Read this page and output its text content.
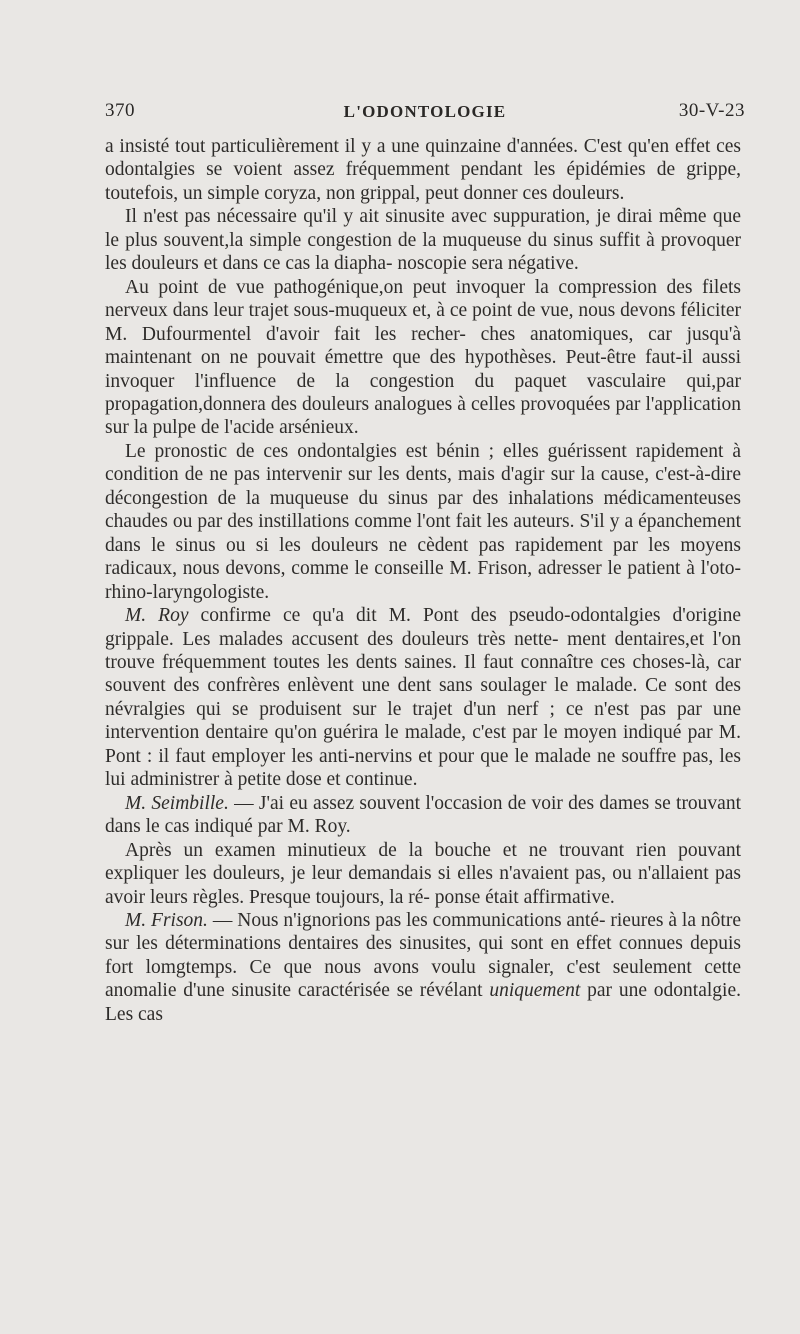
370	L'ODONTOLOGIE	30-V-23

a insisté tout particulièrement il y a une quinzaine d'années. C'est qu'en effet ces odontalgies se voient assez fréquemment pendant les épidémies de grippe, toutefois, un simple coryza, non grippal, peut donner ces douleurs.

Il n'est pas nécessaire qu'il y ait sinusite avec suppuration, je dirai même que le plus souvent,la simple congestion de la muqueuse du sinus suffit à provoquer les douleurs et dans ce cas la diapha- noscopie sera négative.

Au point de vue pathogénique,on peut invoquer la compression des filets nerveux dans leur trajet sous-muqueux et, à ce point de vue, nous devons féliciter M. Dufourmentel d'avoir fait les recher- ches anatomiques, car jusqu'à maintenant on ne pouvait émettre que des hypothèses. Peut-être faut-il aussi invoquer l'influence de la congestion du paquet vasculaire qui,par propagation,donnera des douleurs analogues à celles provoquées par l'application sur la pulpe de l'acide arsénieux.

Le pronostic de ces ondontalgies est bénin ; elles guérissent rapidement à condition de ne pas intervenir sur les dents, mais d'agir sur la cause, c'est-à-dire décongestion de la muqueuse du sinus par des inhalations médicamenteuses chaudes ou par des instillations comme l'ont fait les auteurs. S'il y a épanchement dans le sinus ou si les douleurs ne cèdent pas rapidement par les moyens radicaux, nous devons, comme le conseille M. Frison, adresser le patient à l'oto-rhino-laryngologiste.

M. Roy confirme ce qu'a dit M. Pont des pseudo-odontalgies d'origine grippale. Les malades accusent des douleurs très nette- ment dentaires,et l'on trouve fréquemment toutes les dents saines. Il faut connaître ces choses-là, car souvent des confrères enlèvent une dent sans soulager le malade. Ce sont des névralgies qui se produisent sur le trajet d'un nerf ; ce n'est pas par une intervention dentaire qu'on guérira le malade, c'est par le moyen indiqué par M. Pont : il faut employer les anti-nervins et pour que le malade ne souffre pas, les lui administrer à petite dose et continue.

M. Seimbille. — J'ai eu assez souvent l'occasion de voir des dames se trouvant dans le cas indiqué par M. Roy.

Après un examen minutieux de la bouche et ne trouvant rien pouvant expliquer les douleurs, je leur demandais si elles n'avaient pas, ou n'allaient pas avoir leurs règles. Presque toujours, la ré- ponse était affirmative.

M. Frison. — Nous n'ignorions pas les communications anté- rieures à la nôtre sur les déterminations dentaires des sinusites, qui sont en effet connues depuis fort lomgtemps. Ce que nous avons voulu signaler, c'est seulement cette anomalie d'une sinusite caractérisée se révélant uniquement par une odontalgie. Les cas
